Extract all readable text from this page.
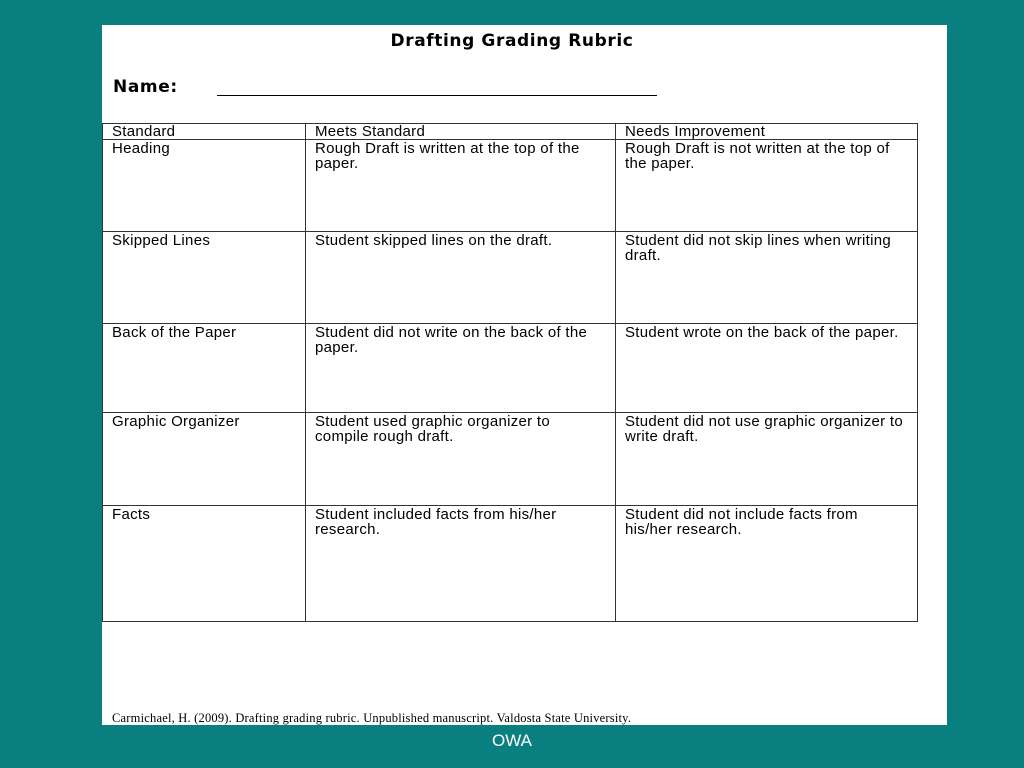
Drafting Grading Rubric
Name:
Standard	Meets Standard	Needs Improvement
Heading	Rough Draft is written at the top of the paper.	Rough Draft is not written at the top of the paper.
Skipped Lines	Student skipped lines on the draft.	Student did not skip lines when writing draft.
Back of the Paper	Student did not write on the back of the paper.	Student wrote on the back of the paper.
Graphic Organizer	Student used graphic organizer to compile rough draft.	Student did not use graphic organizer to write draft.
Facts	Student included facts from his/her research.	Student did not include facts from his/her research.
Carmichael, H. (2009). Drafting grading rubric. Unpublished manuscript. Valdosta State University.
OWA
